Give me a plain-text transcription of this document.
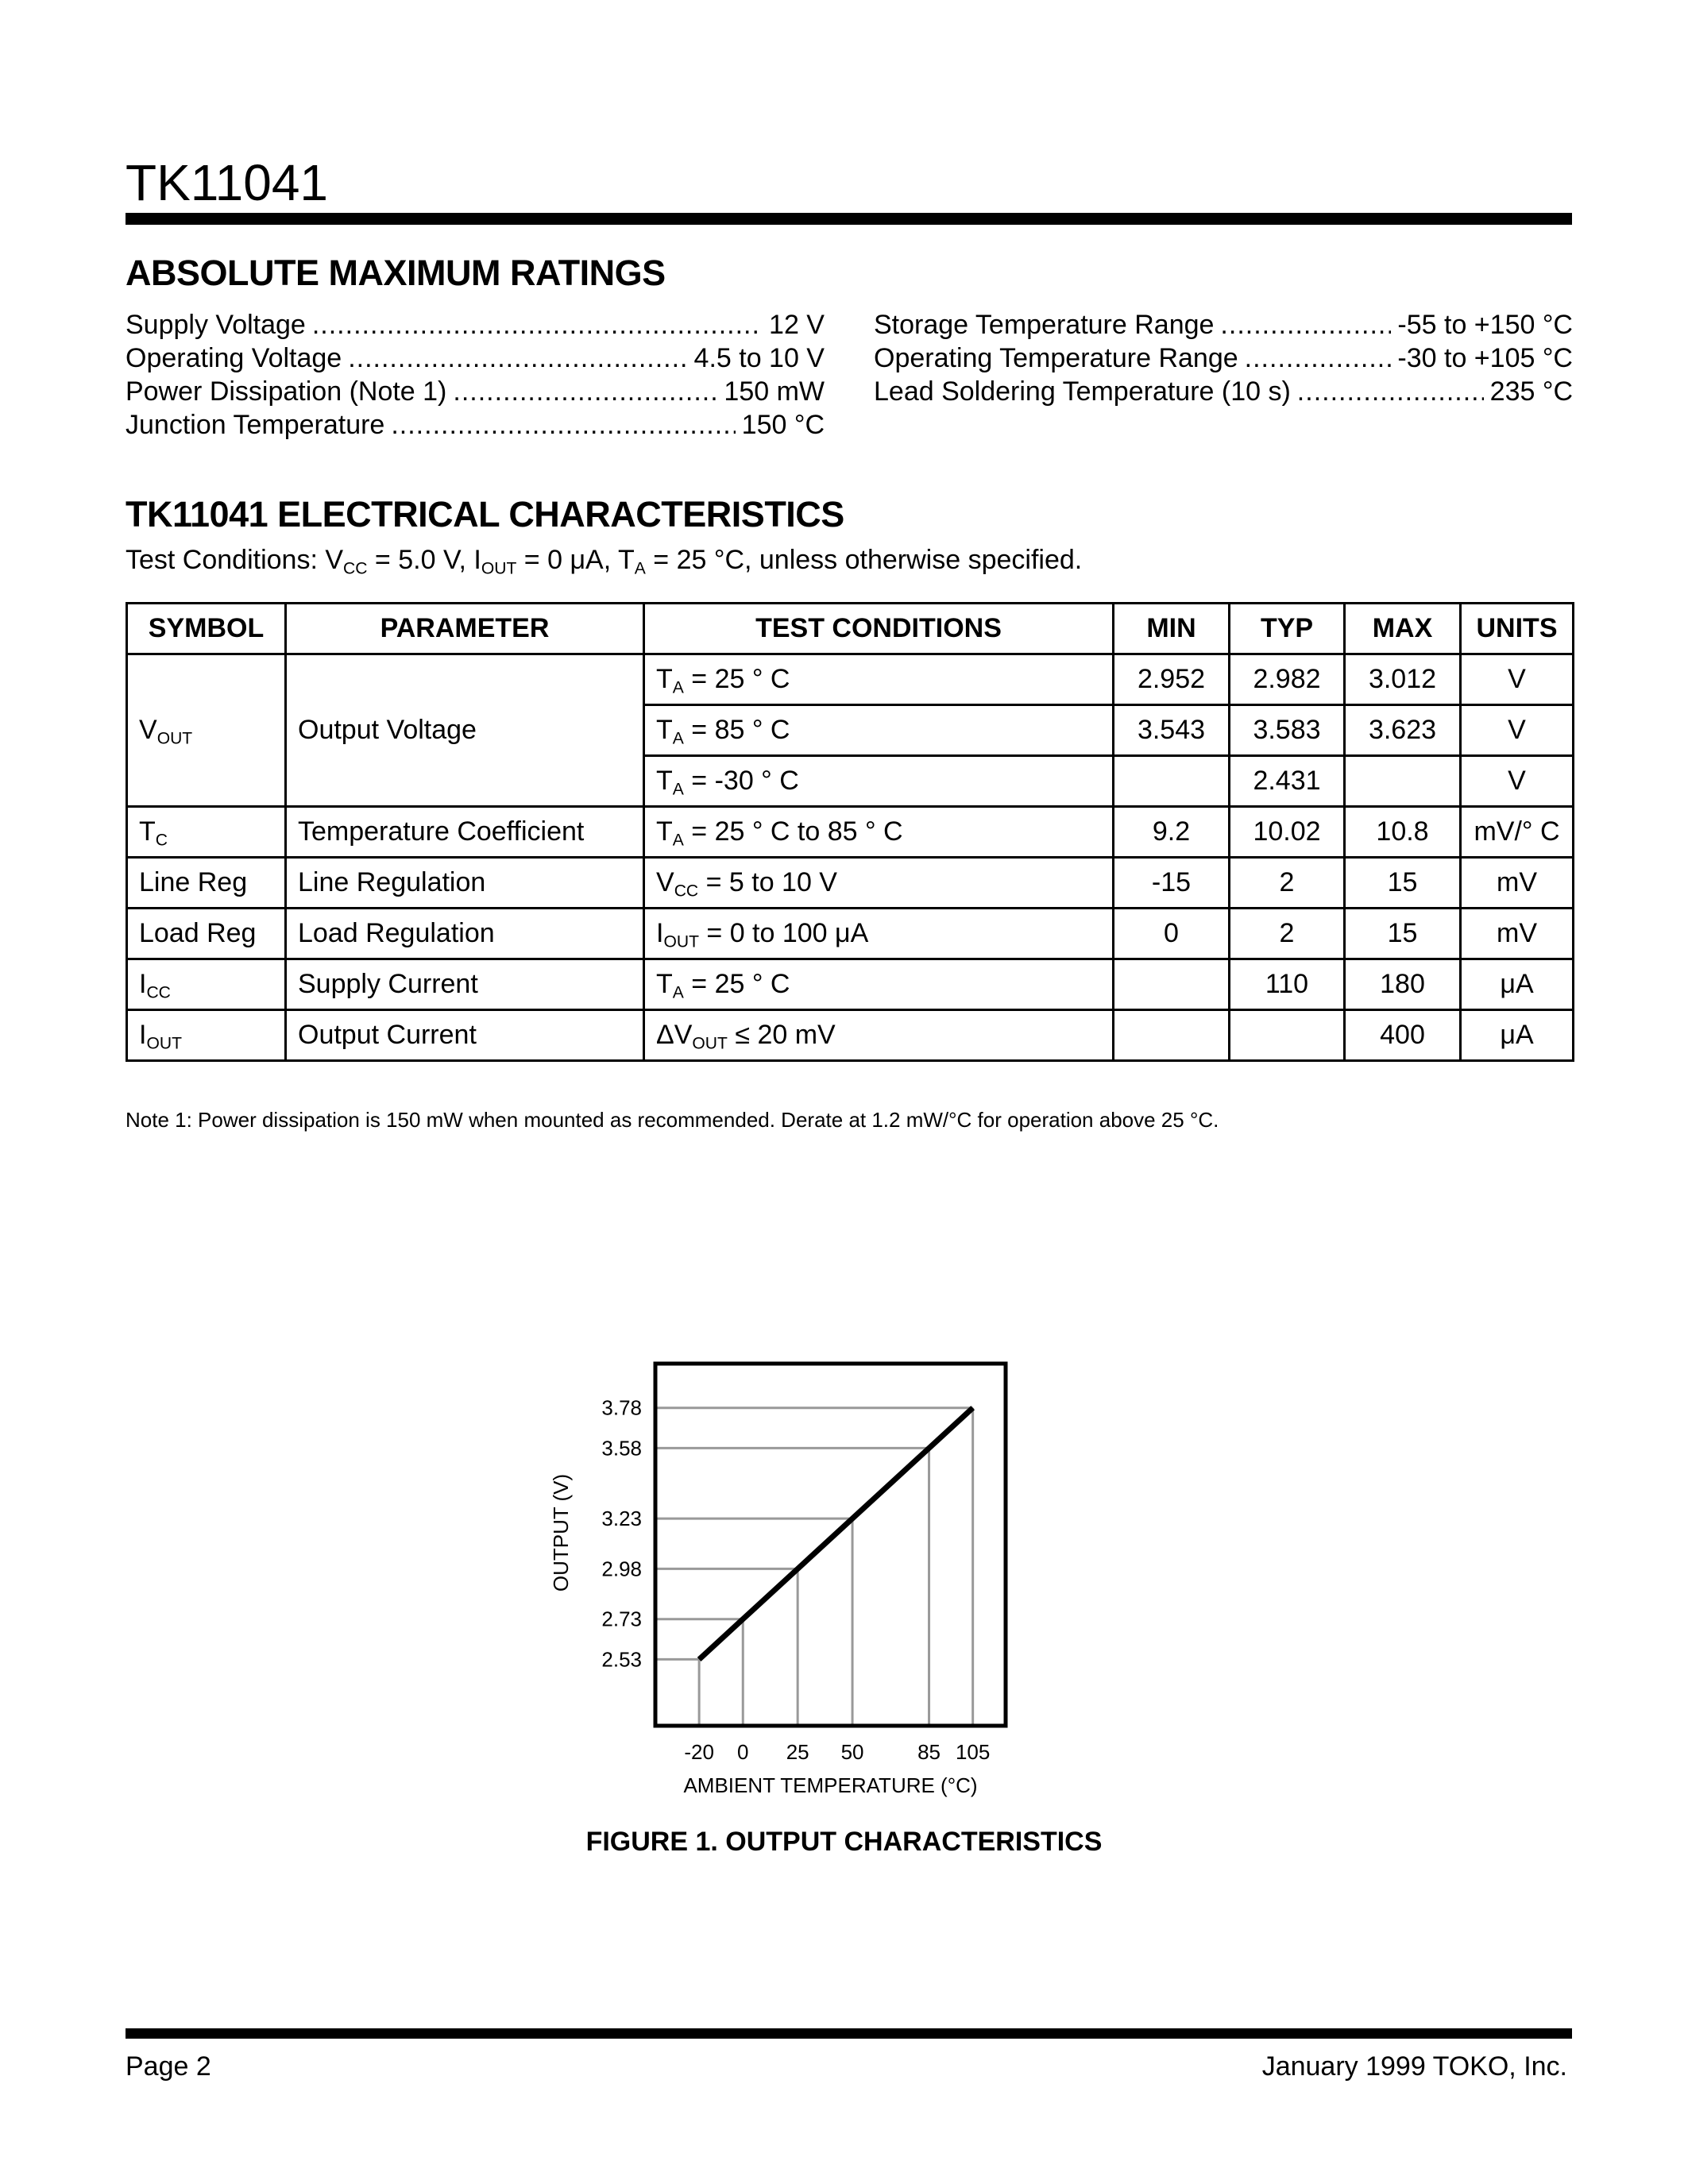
TK11041
ABSOLUTE MAXIMUM RATINGS
Supply Voltage .....	12 V
Operating Voltage .....	4.5 to 10 V
Power Dissipation (Note 1) .....	150 mW
Junction Temperature .....	150 °C
Storage Temperature Range .....	-55 to +150 °C
Operating Temperature Range .....	-30 to +105 °C
Lead Soldering Temperature (10 s) .....	235 °C
TK11041 ELECTRICAL CHARACTERISTICS
Test Conditions: $V_{CC} = 5.0$ V, $I_{OUT} = 0$ μA, $T_A = 25$ °C, unless otherwise specified.
SYMBOL	PARAMETER	TEST CONDITIONS	MIN	TYP	MAX	UNITS
$V_{OUT}$	Output Voltage	$T_A = 25$ ° C	2.952	2.982	3.012	V
		$T_A = 85$ ° C	3.543	3.583	3.623	V
		$T_A = -30$ ° C		2.431		V
$T_C$	Temperature Coefficient	$T_A = 25$ ° C to 85 ° C	9.2	10.02	10.8	mV/° C
Line Reg	Line Regulation	$V_{CC} = 5$ to 10 V	-15	2	15	mV
Load Reg	Load Regulation	$I_{OUT} = 0$ to 100 μA	0	2	15	mV
$I_{CC}$	Supply Current	$T_A = 25$ ° C		110	180	μA
$I_{OUT}$	Output Current	$\Delta V_{OUT} \le 20$ mV			400	μA
Note 1: Power dissipation is 150 mW when mounted as recommended. Derate at 1.2 mW/°C for operation above 25 °C.
2.53
2.73
2.98
3.23
3.58
3.78
-20 0 25 50	85 105
AMBIENT TEMPERATURE (°C)
OUTPUT (V)
FIGURE 1. OUTPUT CHARACTERISTICS
Page 2	January 1999 TOKO, Inc.
